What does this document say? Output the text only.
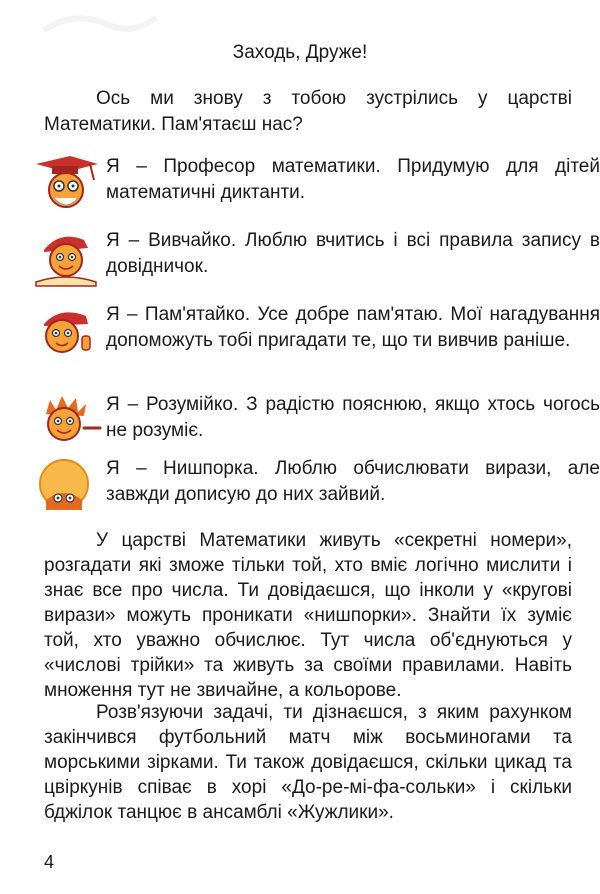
Заходь, Друже!
Ось ми знову з тобою зустрілись у царстві Математики. Пам'ятаєш нас?
Я – Професор математики. Придумую для дітей математичні диктанти.
Я – Вивчайко. Люблю вчитись і всі правила запису в довідничок.
Я – Пам'ятайко. Усе добре пам'ятаю. Мої нагадування допоможуть тобі пригадати те, що ти вивчив раніше.
Я – Розумійко. З радістю пояснюю, якщо хтось чогось не розуміє.
Я – Нишпорка. Люблю обчислювати вирази, але завжди дописую до них зайвий.
У царстві Математики живуть «секретні номери», розгадати які зможе тільки той, хто вміє логічно мислити і знає все про числа. Ти довідаєшся, що інколи у «кругові вирази» можуть проникати «нишпорки». Знайти їх зуміє той, хто уважно обчислює. Тут числа об'єднуються у «числові трійки» та живуть за своїми правилами. Навіть множення тут не звичайне, а кольорове.
Розв'язуючи задачі, ти дізнаєшся, з яким рахунком закінчився футбольний матч між восьминогами та морськими зірками. Ти також довідаєшся, скільки цикад та цвіркунів співає в хорі «До-ре-мі-фа-сольки» і скільки бджілок танцює в ансамблі «Жужлики».
4
